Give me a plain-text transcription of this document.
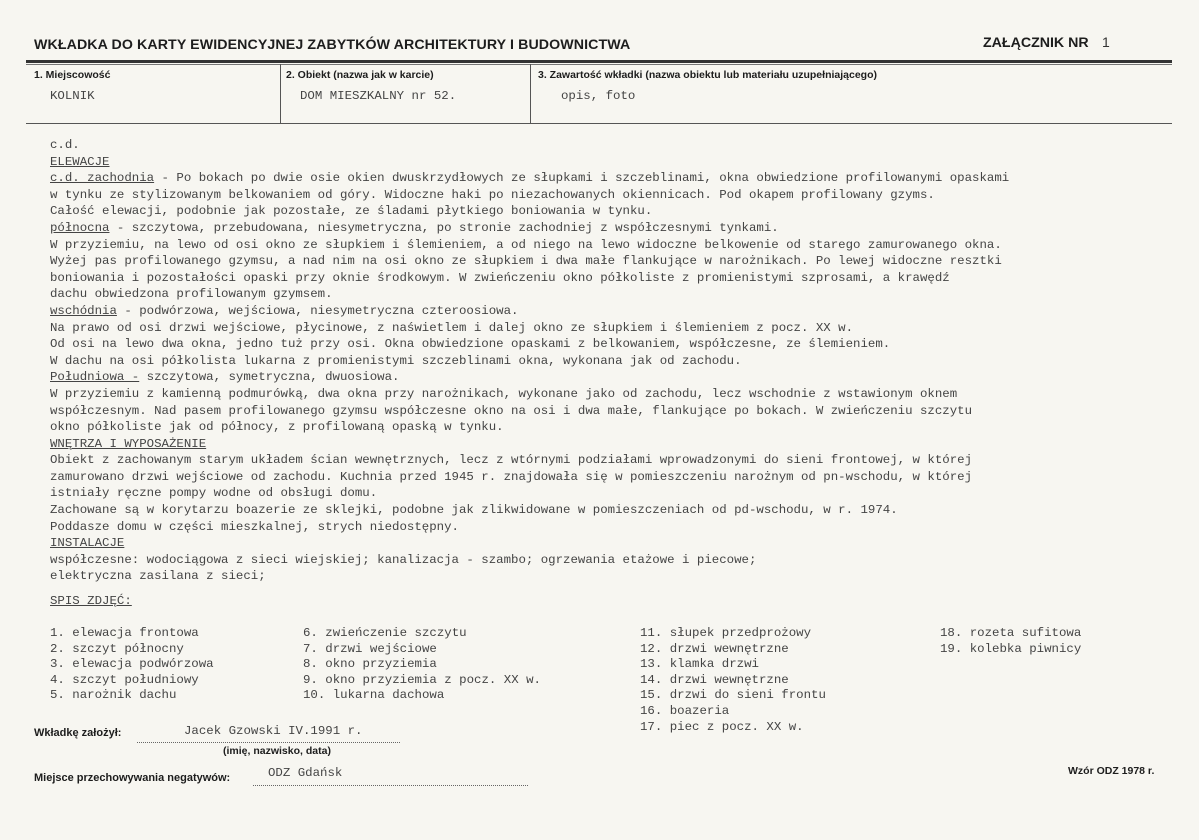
WKŁADKA DO KARTY EWIDENCYJNEJ ZABYTKÓW ARCHITEKTURY I BUDOWNICTWA	ZAŁĄCZNIK NR 1
1. Miejscowość
KOLNIK
2. Obiekt (nazwa jak w karcie)
DOM MIESZKALNY nr 52.
3. Zawartość wkładki (nazwa obiektu lub materiału uzupełniającego)
opis, foto
c.d.
ELEWACJE
c.d. zachodnia - Po bokach po dwie osie okien dwuskrzydłowych ze słupkami i szczeblinami, okna obwiedzione profilowanymi opaskami
w tynku ze stylizowanym belkowaniem od góry. Widoczne haki po niezachowanych okiennicach. Pod okapem profilowany gzyms.
Całość elewacji, podobnie jak pozostałe, ze śladami płytkiego boniowania w tynku.
północna - szczytowa, przebudowana, niesymetryczna, po stronie zachodniej z współczesnymi tynkami.
W przyziemiu, na lewo od osi okno ze słupkiem i ślemieniem, a od niego na lewo widoczne belkowenie od starego zamurowanego okna.
Wyżej pas profilowanego gzymsu, a nad nim na osi okno ze słupkiem i dwa małe flankujące w narożnikach. Po lewej widoczne resztki
boniowania i pozostałości opaski przy oknie środkowym. W zwieńczeniu okno półkoliste z promienistymi szprosami, a krawędź
dachu obwiedzona profilowanym gzymsem.
wschódnia - podwórzowa, wejściowa, niesymetryczna czteroosiowa.
Na prawo od osi drzwi wejściowe, płycinowe, z naświetlem i dalej okno ze słupkiem i ślemieniem z pocz. XX w.
Od osi na lewo dwa okna, jedno tuż przy osi. Okna obwiedzione opaskami z belkowaniem, współczesne, ze ślemieniem.
W dachu na osi półkolista lukarna z promienistymi szczeblinami okna, wykonana jak od zachodu.
Południowa - szczytowa, symetryczna, dwuosiowa.
W przyziemiu z kamienną podmurówką, dwa okna przy narożnikach, wykonane jako od zachodu, lecz wschodnie z wstawionym oknem
współczesnym. Nad pasem profilowanego gzymsu współczesne okno na osi i dwa małe, flankujące po bokach. W zwieńczeniu szczytu
okno półkoliste jak od północy, z profilowaną opaską w tynku.
WNĘTRZA I WYPOSAŻENIE
Obiekt z zachowanym starym układem ścian wewnętrznych, lecz z wtórnymi podziałami wprowadzonymi do sieni frontowej, w której
zamurowano drzwi wejściowe od zachodu. Kuchnia przed 1945 r. znajdowała się w pomieszczeniu narożnym od pn-wschodu, w której
istniały ręczne pompy wodne od obsługi domu.
Zachowane są w korytarzu boazerie ze sklejki, podobne jak zlikwidowane w pomieszczeniach od pd-wschodu, w r. 1974.
Poddasze domu w części mieszkalnej, strych niedostępny.
INSTALACJE
współczesne: wodociągowa z sieci wiejskiej; kanalizacja - szambo; ogrzewania etażowe i piecowe;
elektryczna zasilana z sieci;
SPIS ZDJĘĆ:
1. elewacja frontowa
2. szczyt północny
3. elewacja podwórzowa
4. szczyt południowy
5. narożnik dachu
6. zwieńczenie szczytu
7. drzwi wejściowe
8. okno przyziemia
9. okno przyziemia z pocz. XX w.
10. lukarna dachowa
11. słupek przedprożowy
12. drzwi wewnętrzne
13. klamka drzwi
14. drzwi wewnętrzne
15. drzwi do sieni frontu
16. boazeria
17. piec z pocz. XX w.
18. rozeta sufitowa
19. kolebka piwnicy
Wkładkę założył:	Jacek Gzowski IV.1991 r.
(imię, nazwisko, data)
Miejsce przechowywania negatywów:	ODZ Gdańsk	Wzór ODZ 1978 r.
